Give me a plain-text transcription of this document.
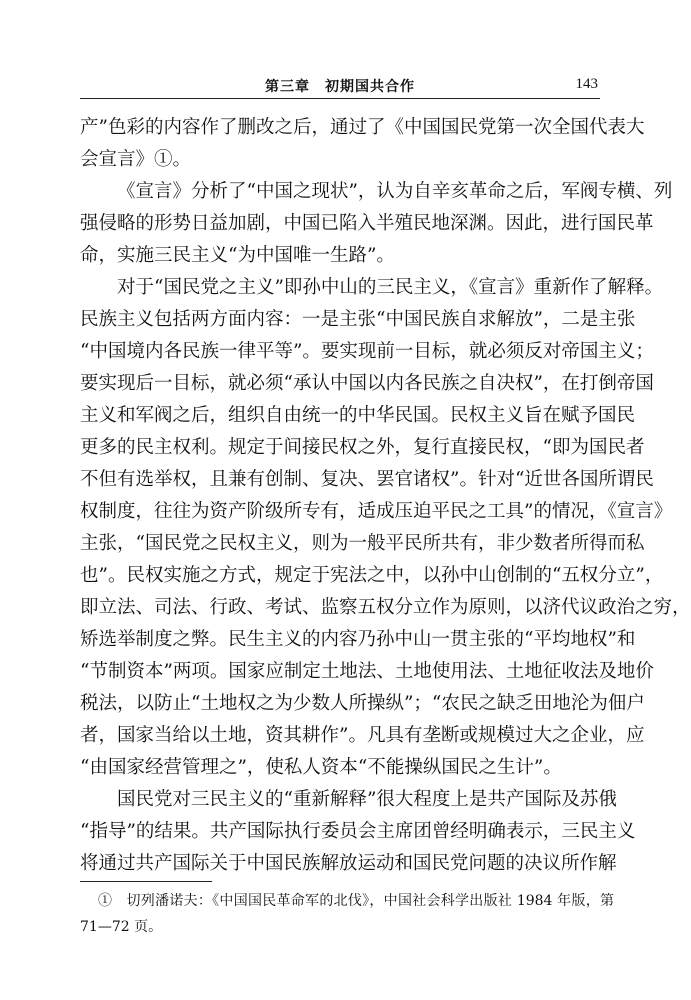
第三章　初期国共合作	143
产”色彩的内容作了删改之后，通过了《中国国民党第一次全国代表大
会宣言》①。
《宣言》分析了“中国之现状”，认为自辛亥革命之后，军阀专横、列
强侵略的形势日益加剧，中国已陷入半殖民地深渊。因此，进行国民革
命，实施三民主义“为中国唯一生路”。
对于“国民党之主义”即孙中山的三民主义，《宣言》重新作了解释。
民族主义包括两方面内容：一是主张“中国民族自求解放”，二是主张
“中国境内各民族一律平等”。要实现前一目标，就必须反对帝国主义；
要实现后一目标，就必须“承认中国以内各民族之自决权”，在打倒帝国
主义和军阀之后，组织自由统一的中华民国。民权主义旨在赋予国民
更多的民主权利。规定于间接民权之外，复行直接民权，“即为国民者
不但有选举权，且兼有创制、复决、罢官诸权”。针对“近世各国所谓民
权制度，往往为资产阶级所专有，适成压迫平民之工具”的情况，《宣言》
主张，“国民党之民权主义，则为一般平民所共有，非少数者所得而私
也”。民权实施之方式，规定于宪法之中，以孙中山创制的“五权分立”，
即立法、司法、行政、考试、监察五权分立作为原则，以济代议政治之穷，
矫选举制度之弊。民生主义的内容乃孙中山一贯主张的“平均地权”和
“节制资本”两项。国家应制定土地法、土地使用法、土地征收法及地价
税法，以防止“土地权之为少数人所操纵”；“农民之缺乏田地沦为佃户
者，国家当给以土地，资其耕作”。凡具有垄断或规模过大之企业，应
“由国家经营管理之”，使私人资本“不能操纵国民之生计”。
国民党对三民主义的“重新解释”很大程度上是共产国际及苏俄
“指导”的结果。共产国际执行委员会主席团曾经明确表示，三民主义
将通过共产国际关于中国民族解放运动和国民党问题的决议所作解
①　切列潘诺夫：《中国国民革命军的北伐》，中国社会科学出版社 1984 年版，第
71—72 页。
